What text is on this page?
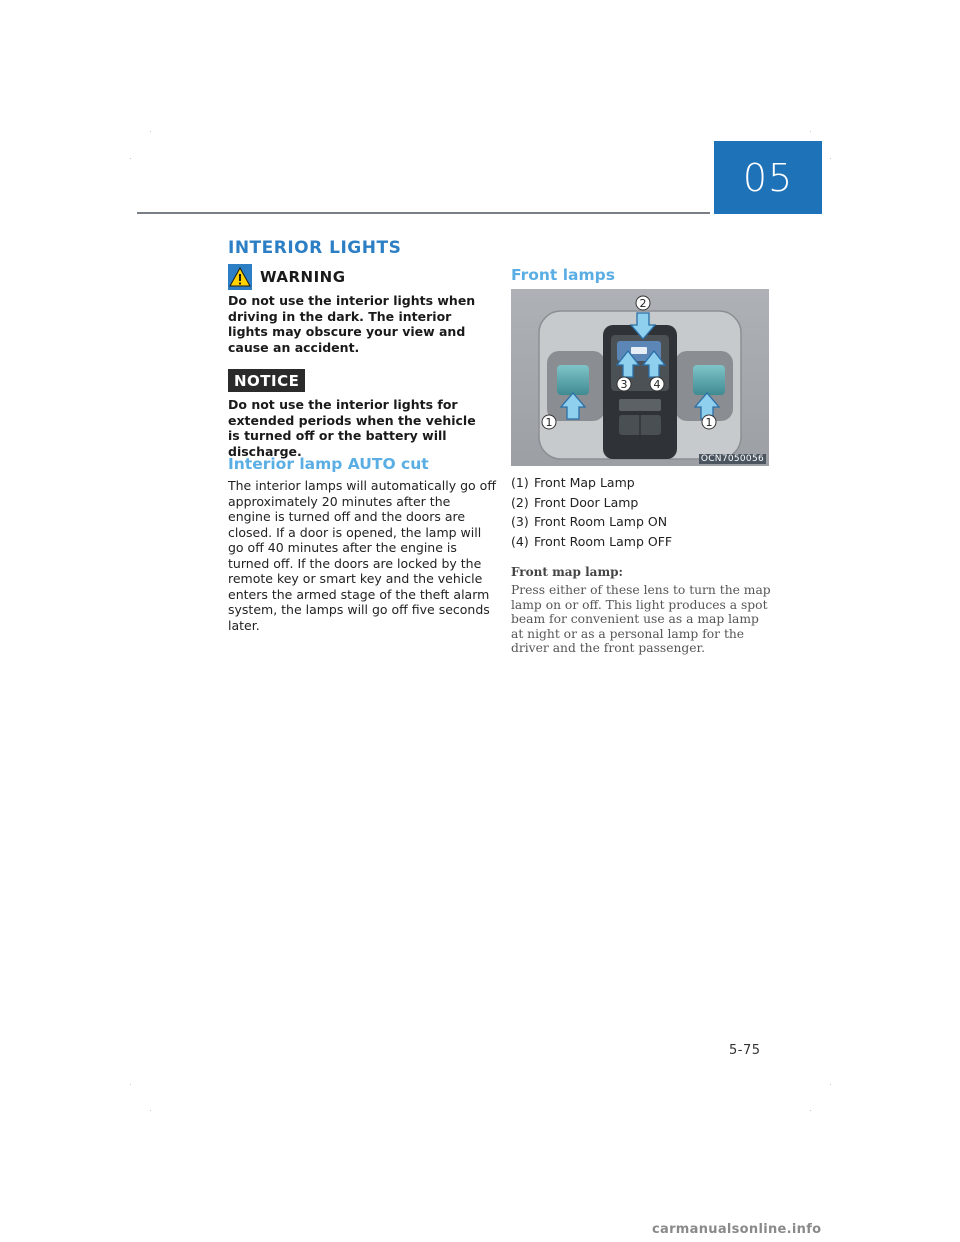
05
INTERIOR LIGHTS
WARNING

Do not use the interior lights when driving in the dark. The interior lights may obscure your view and cause an accident.

NOTICE

Do not use the interior lights for extended periods when the vehicle is turned off or the battery will discharge.

Interior lamp AUTO cut

The interior lamps will automatically go off approximately 20 minutes after the engine is turned off and the doors are closed. If a door is opened, the lamp will go off 40 minutes after the engine is turned off. If the doors are locked by the remote key or smart key and the vehicle enters the armed stage of the theft alarm system, the lamps will go off five seconds later.

Front lamps
1	1
2
3 4
OCN7050056
(1) Front Map Lamp
(2) Front Door Lamp
(3) Front Room Lamp ON
(4) Front Room Lamp OFF
Front map lamp:

Press either of these lens to turn the map lamp on or off. This light produces a spot beam for convenient use as a map lamp at night or as a personal lamp for the driver and the front passenger.

5-75
carmanualsonline.info
